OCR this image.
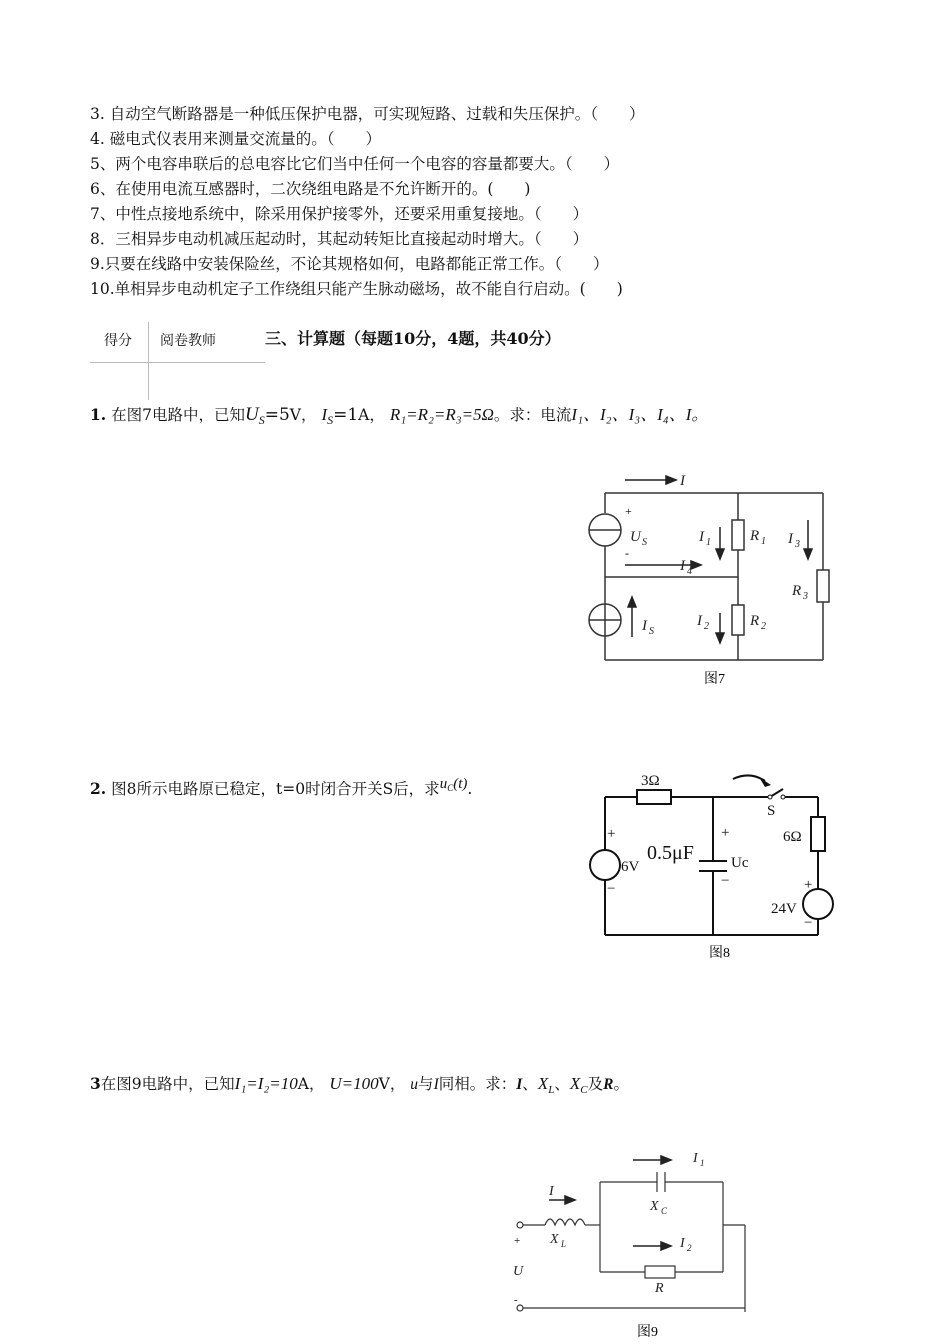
3. 自动空气断路器是一种低压保护电器，可实现短路、过载和失压保护。（　　）
4. 磁电式仪表用来测量交流量的。（　　）
5、两个电容串联后的总电容比它们当中任何一个电容的容量都要大。（　　）
6、在使用电流互感器时，二次绕组电路是不允许断开的。(　　)
7、中性点接地系统中，除采用保护接零外，还要采用重复接地。（　　）
8．三相异步电动机减压起动时，其起动转矩比直接起动时增大。（　　）
9.只要在线路中安装保险丝，不论其规格如何，电路都能正常工作。（　　）
10.单相异步电动机定子工作绕组只能产生脉动磁场，故不能自行启动。(　　)
得分 阅卷教师	三、计算题（每题10分，4题，共40分）
1. 在图7电路中，已知$U_S=5V$， $I_S=1A$， R₁=R₂=R₃=5Ω。求：电流I₁、I₂、I₃、I₄、I。
I
U S	I 1	R 1 I 3
R 3
I 4
I S
I 2	R 2
+
-
图7
2. 图8所示电路原已稳定，t=0时闭合开关S后，求uC(t).	3Ω
6Ω
S
0.5μF Uc
6V
24V
+
−
+
−	+
−
图8
3在图9电路中，已知I₁=I₂=10A， U=100V， u与I同相。求：I、$X_L$、$X_C$及R。
I
I 1
X C
X L	I 2
R
U
+
-
图9
